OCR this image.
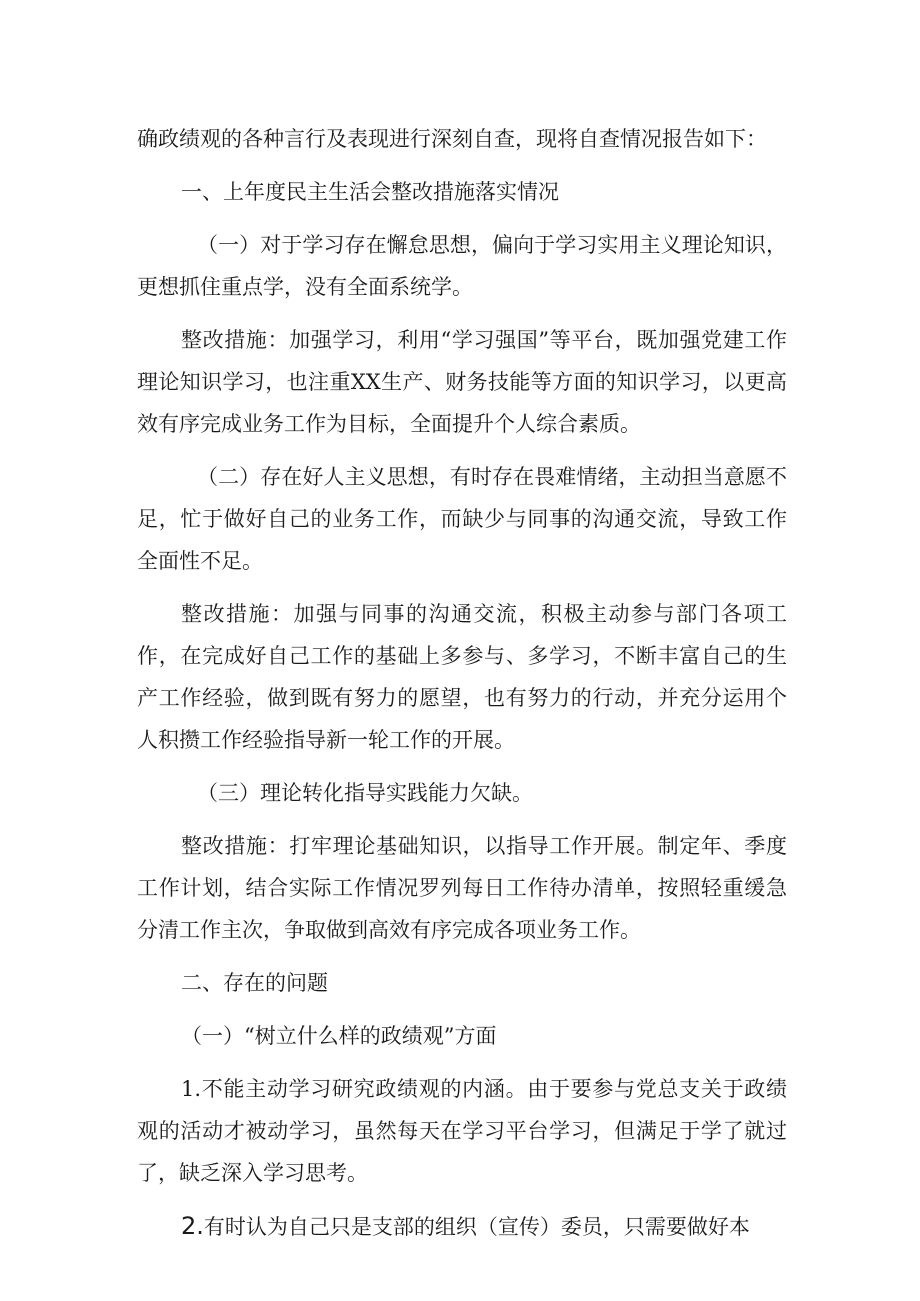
确政绩观的各种言行及表现进行深刻自查，现将自查情况报告如下：

一、上年度民主生活会整改措施落实情况

（一）对于学习存在懈怠思想，偏向于学习实用主义理论知识，更想抓住重点学，没有全面系统学。

整改措施：加强学习，利用“学习强国”等平台，既加强党建工作理论知识学习，也注重XX生产、财务技能等方面的知识学习，以更高效有序完成业务工作为目标，全面提升个人综合素质。

（二）存在好人主义思想，有时存在畏难情绪，主动担当意愿不足，忙于做好自己的业务工作，而缺少与同事的沟通交流，导致工作全面性不足。

整改措施：加强与同事的沟通交流，积极主动参与部门各项工作，在完成好自己工作的基础上多参与、多学习，不断丰富自己的生产工作经验，做到既有努力的愿望，也有努力的行动，并充分运用个人积攒工作经验指导新一轮工作的开展。

（三）理论转化指导实践能力欠缺。

整改措施：打牢理论基础知识，以指导工作开展。制定年、季度工作计划，结合实际工作情况罗列每日工作待办清单，按照轻重缓急分清工作主次，争取做到高效有序完成各项业务工作。

二、存在的问题

（一）“树立什么样的政绩观”方面

1.不能主动学习研究政绩观的内涵。由于要参与党总支关于政绩观的活动才被动学习，虽然每天在学习平台学习，但满足于学了就过了，缺乏深入学习思考。

2.有时认为自己只是支部的组织（宣传）委员，只需要做好本
